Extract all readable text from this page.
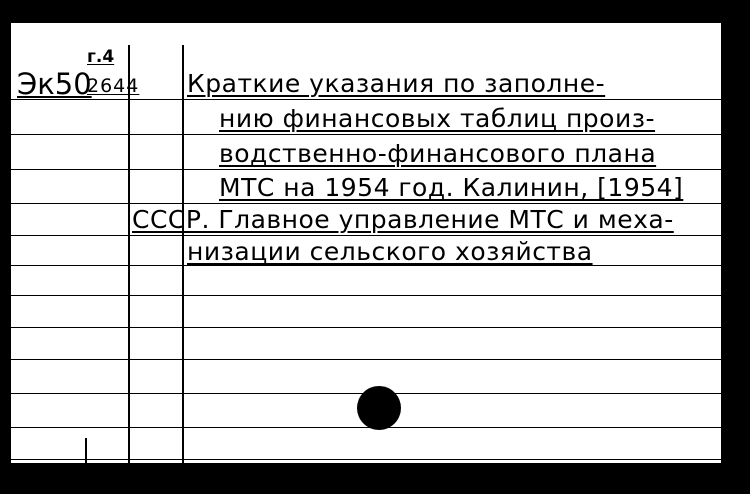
г.4
Эк50
2644 Краткие указания по заполне-
нию финансовых таблиц произ-
водственно-финансового плана
МТС на 1954 год. Калинин, [1954]
СССР. Главное управление МТС и меха-
низации сельского хозяйства
